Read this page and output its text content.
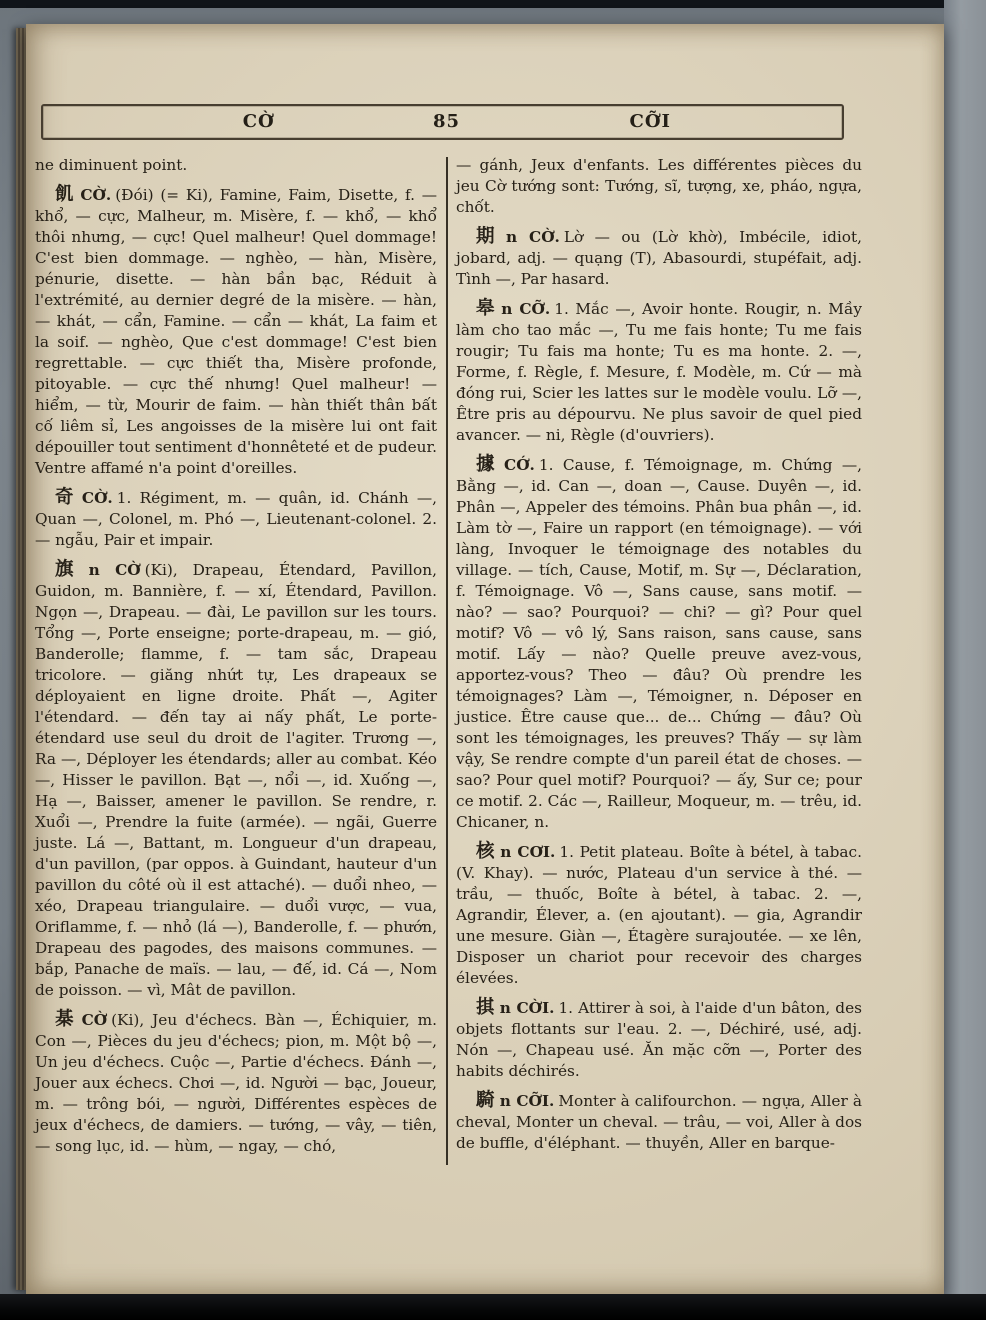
CỜ	85	CỠI

ne diminuent point.

飢 CỜ. (Đói) (= Ki), Famine, Faim, Disette, f. — khổ, — cực, Malheur, m. Misère, f. — khổ, — khổ thôi nhưng, — cực! Quel malheur! Quel dommage! C'est bien dommage. — nghèo, — hàn, Misère, pénurie, disette. — hàn bần bạc, Réduit à l'extrémité, au dernier degré de la misère. — hàn, — khát, — cẩn, Famine. — cẩn — khát, La faim et la soif. — nghèo, Que c'est dommage! C'est bien regrettable. — cực thiết tha, Misère profonde, pitoyable. — cực thế nhưng! Quel malheur! — hiểm, — từ, Mourir de faim. — hàn thiết thân bất cố liêm sỉ, Les angoisses de la misère lui ont fait dépouiller tout sentiment d'honnêteté et de pudeur. Ventre affamé n'a point d'oreilles.

奇 CỜ. 1. Régiment, m. — quân, id. Chánh —, Quan —, Colonel, m. Phó —, Lieutenant-colonel. 2. — ngẫu, Pair et impair.

旗 n CỜ (Ki), Drapeau, Étendard, Pavillon, Guidon, m. Bannière, f. — xí, Étendard, Pavillon. Ngọn —, Drapeau. — đài, Le pavillon sur les tours. Tổng —, Porte enseigne; porte-drapeau, m. — gió, Banderolle; flamme, f. — tam sắc, Drapeau tricolore. — giăng nhứt tự, Les drapeaux se déployaient en ligne droite. Phất —, Agiter l'étendard. — đến tay ai nấy phất, Le porte-étendard use seul du droit de l'agiter. Trương —, Ra —, Déployer les étendards; aller au combat. Kéo —, Hisser le pavillon. Bạt —, nổi —, id. Xuống —, Hạ —, Baisser, amener le pavillon. Se rendre, r. Xuổi —, Prendre la fuite (armée). — ngãi, Guerre juste. Lá —, Battant, m. Longueur d'un drapeau, d'un pavillon, (par oppos. à Guindant, hauteur d'un pavillon du côté où il est attaché). — duổi nheo, — xéo, Drapeau triangulaire. — duổi vược, — vua, Oriflamme, f. — nhỏ (lá —), Banderolle, f. — phướn, Drapeau des pagodes, des maisons communes. — bắp, Panache de maïs. — lau, — đế, id. Cá —, Nom de poisson. — vì, Mât de pavillon.

棊 CỜ (Ki), Jeu d'échecs. Bàn —, Échiquier, m. Con —, Pièces du jeu d'échecs; pion, m. Một bộ —, Un jeu d'échecs. Cuộc —, Partie d'échecs. Đánh —, Jouer aux échecs. Chơi —, id. Người — bạc, Joueur, m. — trông bói, — người, Différentes espèces de jeux d'échecs, de damiers. — tướng, — vây, — tiên, — song lục, id. — hùm, — ngay, — chó,

— gánh, Jeux d'enfants. Les différentes pièces du jeu Cờ tướng sont: Tướng, sĩ, tượng, xe, pháo, ngựa, chốt.

期 n CỜ. Lờ — ou (Lờ khờ), Imbécile, idiot, jobard, adj. — quạng (T), Abasourdi, stupéfait, adj. Tình —, Par hasard.

皋 n CỠ. 1. Mắc —, Avoir honte. Rougir, n. Mầy làm cho tao mắc —, Tu me fais honte; Tu me fais rougir; Tu fais ma honte; Tu es ma honte. 2. —, Forme, f. Règle, f. Mesure, f. Modèle, m. Cứ — mà đóng rui, Scier les lattes sur le modèle voulu. Lỡ —, Être pris au dépourvu. Ne plus savoir de quel pied avancer. — ni, Règle (d'ouvriers).

據 CỚ. 1. Cause, f. Témoignage, m. Chứng —, Bằng —, id. Can —, doan —, Cause. Duyên —, id. Phân —, Appeler des témoins. Phân bua phân —, id. Làm tờ —, Faire un rapport (en témoignage). — với làng, Invoquer le témoignage des notables du village. — tích, Cause, Motif, m. Sự —, Déclaration, f. Témoignage. Vô —, Sans cause, sans motif. — nào? — sao? Pourquoi? — chi? — gì? Pour quel motif? Vô — vô lý, Sans raison, sans cause, sans motif. Lấy — nào? Quelle preuve avez-vous, apportez-vous? Theo — đâu? Où prendre les témoignages? Làm —, Témoigner, n. Déposer en justice. Être cause que... de... Chứng — đâu? Où sont les témoignages, les preuves? Thấy — sự làm vậy, Se rendre compte d'un pareil état de choses. — sao? Pour quel motif? Pourquoi? — ấy, Sur ce; pour ce motif. 2. Các —, Railleur, Moqueur, m. — trêu, id. Chicaner, n.

核 n CƠI. 1. Petit plateau. Boîte à bétel, à tabac. (V. Khay). — nước, Plateau d'un service à thé. — trầu, — thuốc, Boîte à bétel, à tabac. 2. —, Agrandir, Élever, a. (en ajoutant). — gia, Agrandir une mesure. Giàn —, Étagère surajoutée. — xe lên, Disposer un chariot pour recevoir des charges élevées.

掑 n CỜI. 1. Attirer à soi, à l'aide d'un bâton, des objets flottants sur l'eau. 2. —, Déchiré, usé, adj. Nón —, Chapeau usé. Ăn mặc cỡn —, Porter des habits déchirés.

騎 n CỠI. Monter à califourchon. — ngựa, Aller à cheval, Monter un cheval. — trâu, — voi, Aller à dos de buffle, d'éléphant. — thuyền, Aller en barque-
